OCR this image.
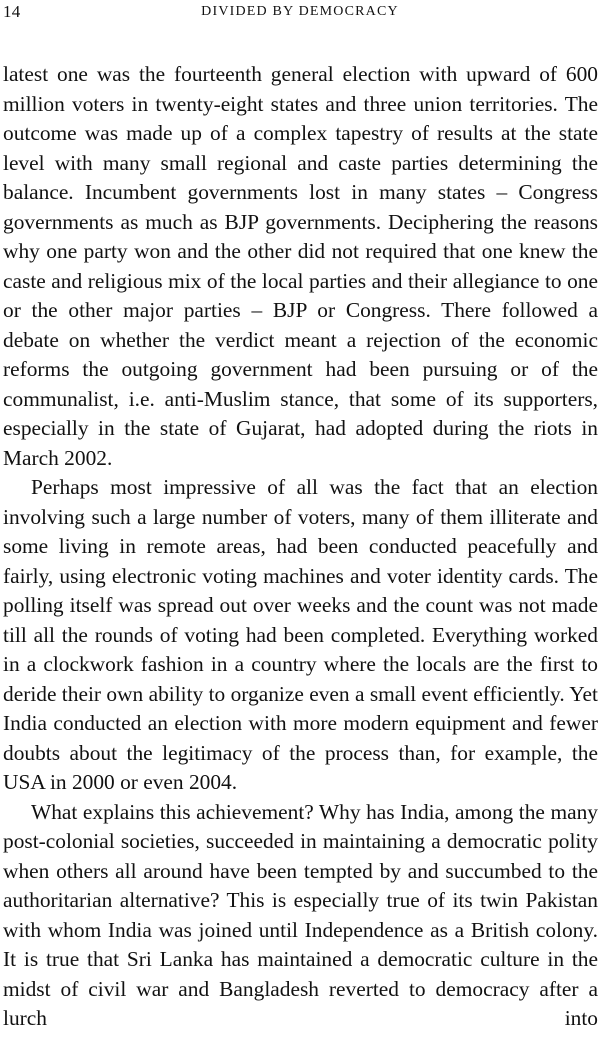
14	DIVIDED BY DEMOCRACY

latest one was the fourteenth general election with upward of 600 million voters in twenty-eight states and three union territories. The outcome was made up of a complex tapestry of results at the state level with many small regional and caste parties determining the balance. Incumbent governments lost in many states – Congress governments as much as BJP governments. Deciphering the reasons why one party won and the other did not required that one knew the caste and religious mix of the local parties and their allegiance to one or the other major parties – BJP or Congress. There followed a debate on whether the verdict meant a rejection of the economic reforms the outgoing government had been pursuing or of the communalist, i.e. anti-Muslim stance, that some of its supporters, especially in the state of Gujarat, had adopted during the riots in March 2002.

Perhaps most impressive of all was the fact that an election involving such a large number of voters, many of them illiterate and some living in remote areas, had been conducted peacefully and fairly, using electronic voting machines and voter identity cards. The polling itself was spread out over weeks and the count was not made till all the rounds of voting had been completed. Everything worked in a clockwork fashion in a country where the locals are the first to deride their own ability to organize even a small event efficiently. Yet India conducted an election with more modern equipment and fewer doubts about the legitimacy of the process than, for example, the USA in 2000 or even 2004.

What explains this achievement? Why has India, among the many post-colonial societies, succeeded in maintaining a democratic polity when others all around have been tempted by and succumbed to the authoritarian alternative? This is especially true of its twin Pakistan with whom India was joined until Independence as a British colony. It is true that Sri Lanka has maintained a democratic culture in the midst of civil war and Bangladesh reverted to democracy after a lurch into
